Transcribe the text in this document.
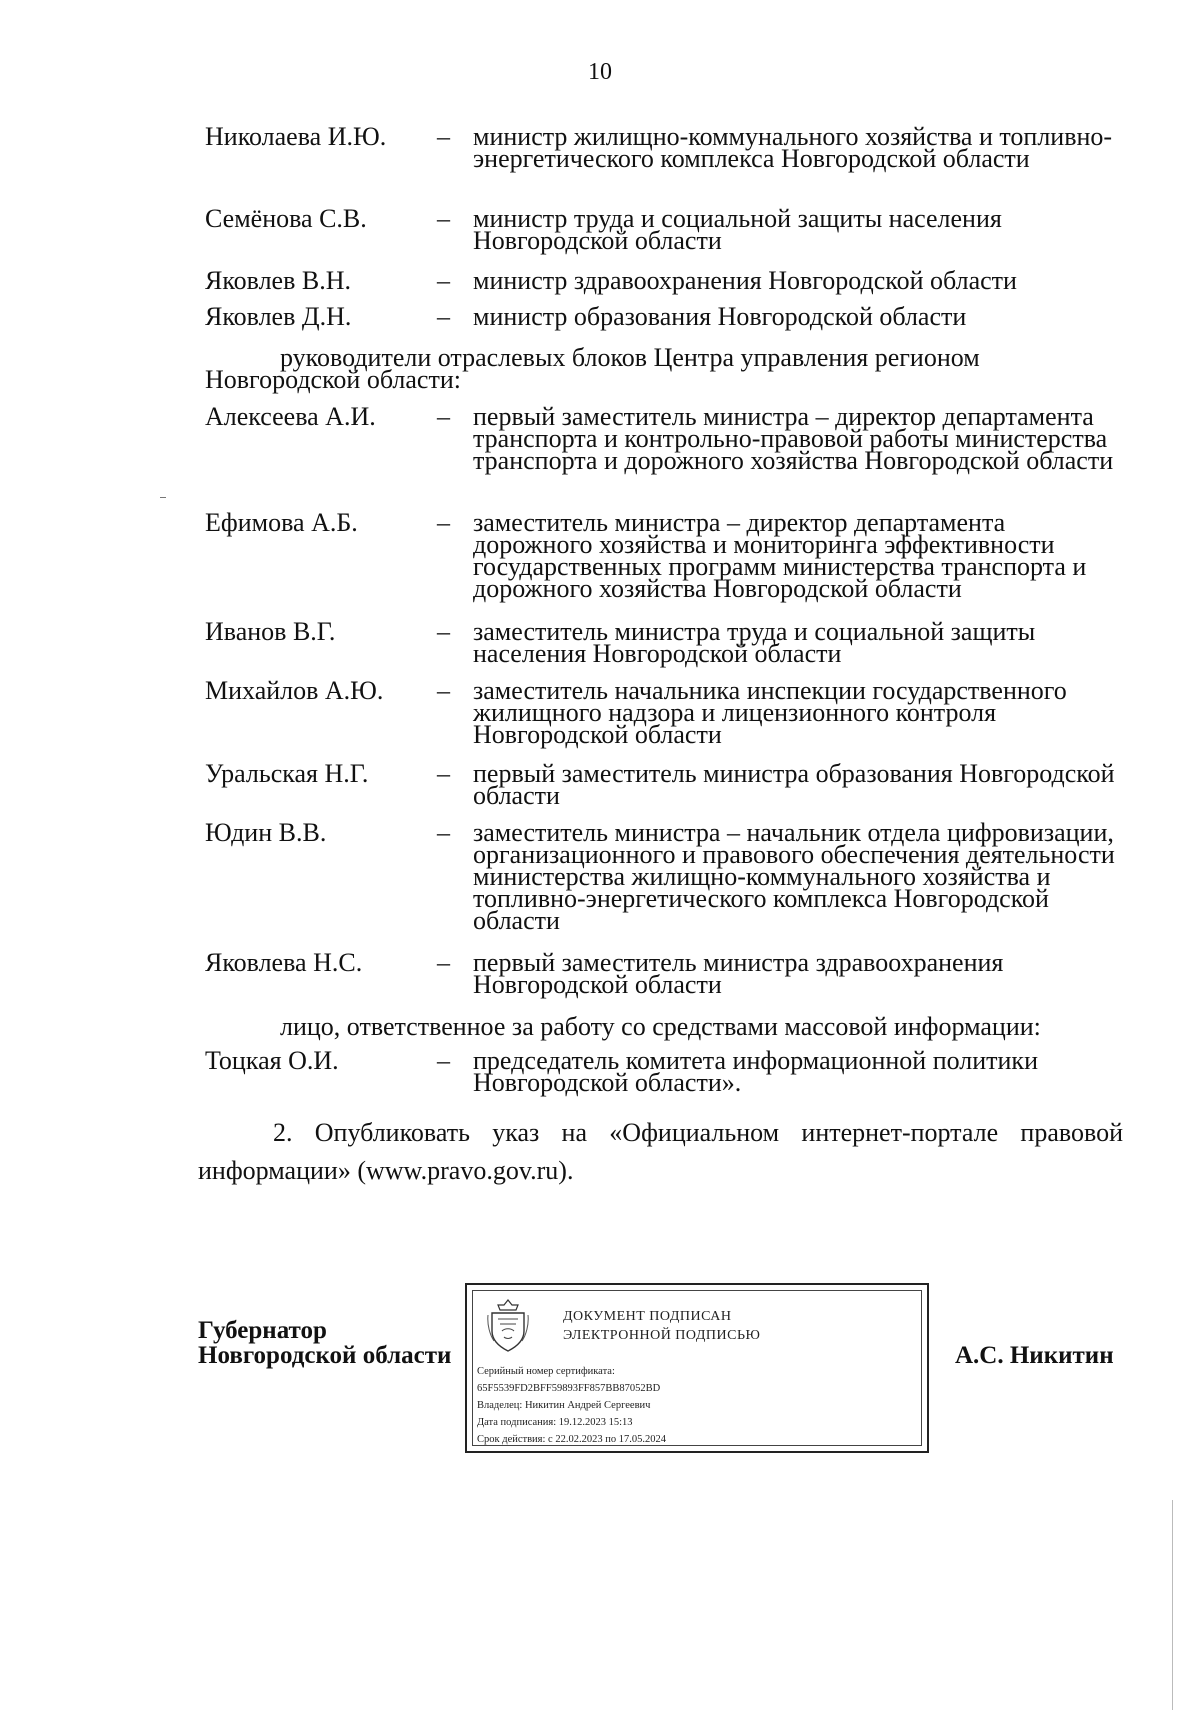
10
Николаева И.Ю. – министр жилищно-коммунального хозяйства и топливно-энергетического комплекса Новгородской области
Семёнова С.В.	– министр труда и социальной защиты населения Новгородской области
Яковлев В.Н.	– министр здравоохранения Новгородской области
Яковлев Д.Н.	– министр образования Новгородской области
руководители отраслевых блоков Центра управления регионом Новгородской области:
Алексеева А.И. – первый заместитель министра – директор департамента транспорта и контрольно-правовой работы министерства транспорта и дорожного хозяйства Новгородской области
Ефимова А.Б.	– заместитель министра – директор департамента дорожного хозяйства и мониторинга эффективности государственных программ министерства транспорта и дорожного хозяйства Новгородской области
Иванов В.Г.	– заместитель министра труда и социальной защиты населения Новгородской области
Михайлов А.Ю. – заместитель начальника инспекции государственного жилищного надзора и лицензионного контроля Новгородской области
Уральская Н.Г.	– первый заместитель министра образования Новгородской области
Юдин В.В.	– заместитель министра – начальник отдела цифровизации, организационного и правового обеспечения деятельности министерства жилищно-коммунального хозяйства и топливно-энергетического комплекса Новгородской области
Яковлева Н.С.	– первый заместитель министра здравоохранения Новгородской области
лицо, ответственное за работу со средствами массовой информации:
Тоцкая О.И.	– председатель комитета информационной политики Новгородской области».
2. Опубликовать указ на «Официальном интернет-портале правовой информации» (www.pravo.gov.ru).
Губернатор
Новгородской области
ДОКУМЕНТ ПОДПИСАН
ЭЛЕКТРОННОЙ ПОДПИСЬЮ
Серийный номер сертификата:
65F5539FD2BFF59893FF857BB87052BD
Владелец: Никитин Андрей Сергеевич
Дата подписания: 19.12.2023 15:13
Срок действия: с 22.02.2023 по 17.05.2024
А.С. Никитин
